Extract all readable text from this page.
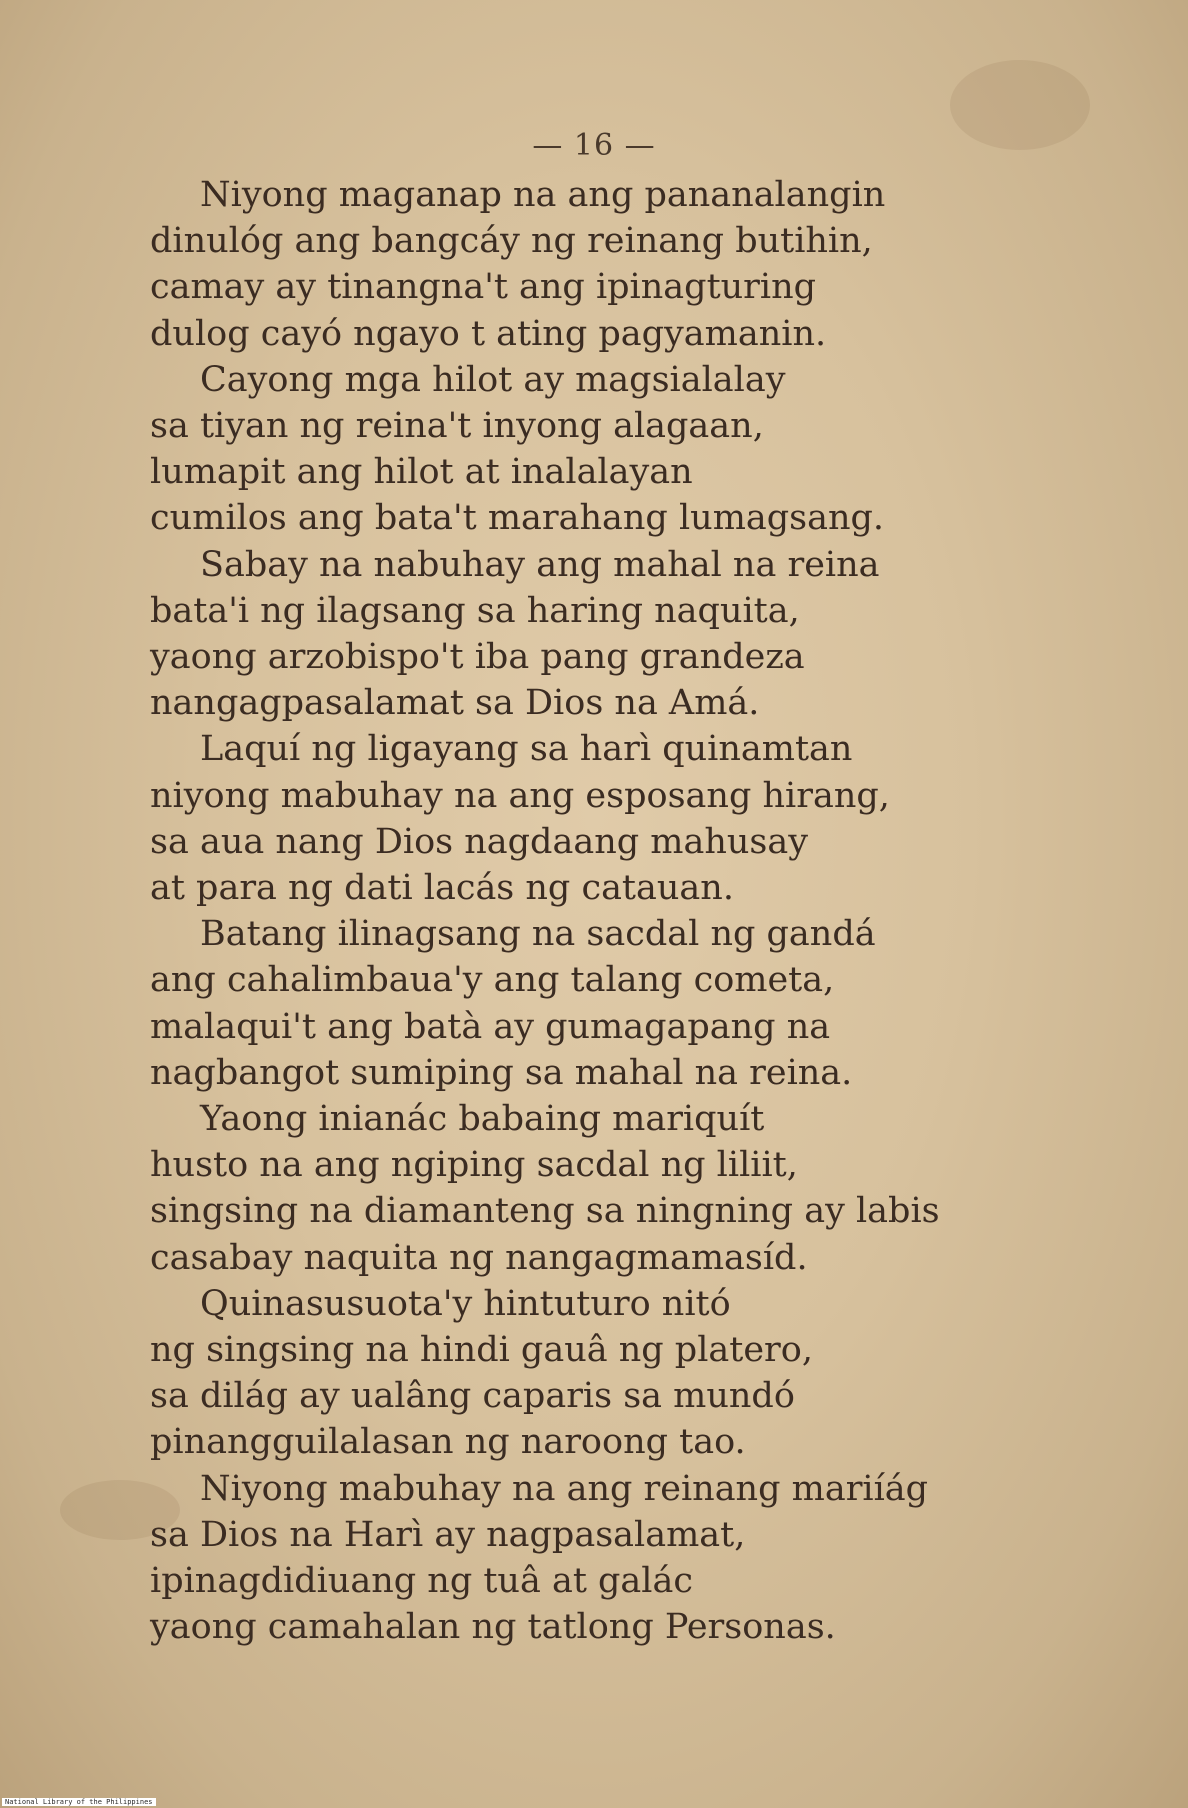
— 16 —
Niyong maganap na ang pananalangin
dinulóg ang bangcáy ng reinang butihin,
camay ay tinangna't ang ipinagturing
dulog cayó ngayo t ating pagyamanin.
Cayong mga hilot ay magsialalay
sa tiyan ng reina't inyong alagaan,
lumapit ang hilot at inalalayan
cumilos ang bata't marahang lumagsang.
Sabay na nabuhay ang mahal na reina
bata'i ng ilagsang sa haring naquita,
yaong arzobispo't iba pang grandeza
nangagpasalamat sa Dios na Amá.
Laquí ng ligayang sa harì quinamtan
niyong mabuhay na ang esposang hirang,
sa aua nang Dios nagdaang mahusay
at para ng dati lacás ng catauan.
Batang ilinagsang na sacdal ng gandá
ang cahalimbaua'y ang talang cometa,
malaqui't ang batà ay gumagapang na
nagbangot sumiping sa mahal na reina.
Yaong inianác babaing mariquít
husto na ang ngiping sacdal ng liliit,
singsing na diamanteng sa ningning ay labis
casabay naquita ng nangagmamasíd.
Quinasusuota'y hintuturo nitó
ng singsing na hindi gauâ ng platero,
sa dilág ay ualâng caparis sa mundó
pinangguilalasan ng naroong tao.
Niyong mabuhay na ang reinang mariíág
sa Dios na Harì ay nagpasalamat,
ipinagdidiuang ng tuâ at galác
yaong camahalan ng tatlong Personas.
National Library of the Philippines
